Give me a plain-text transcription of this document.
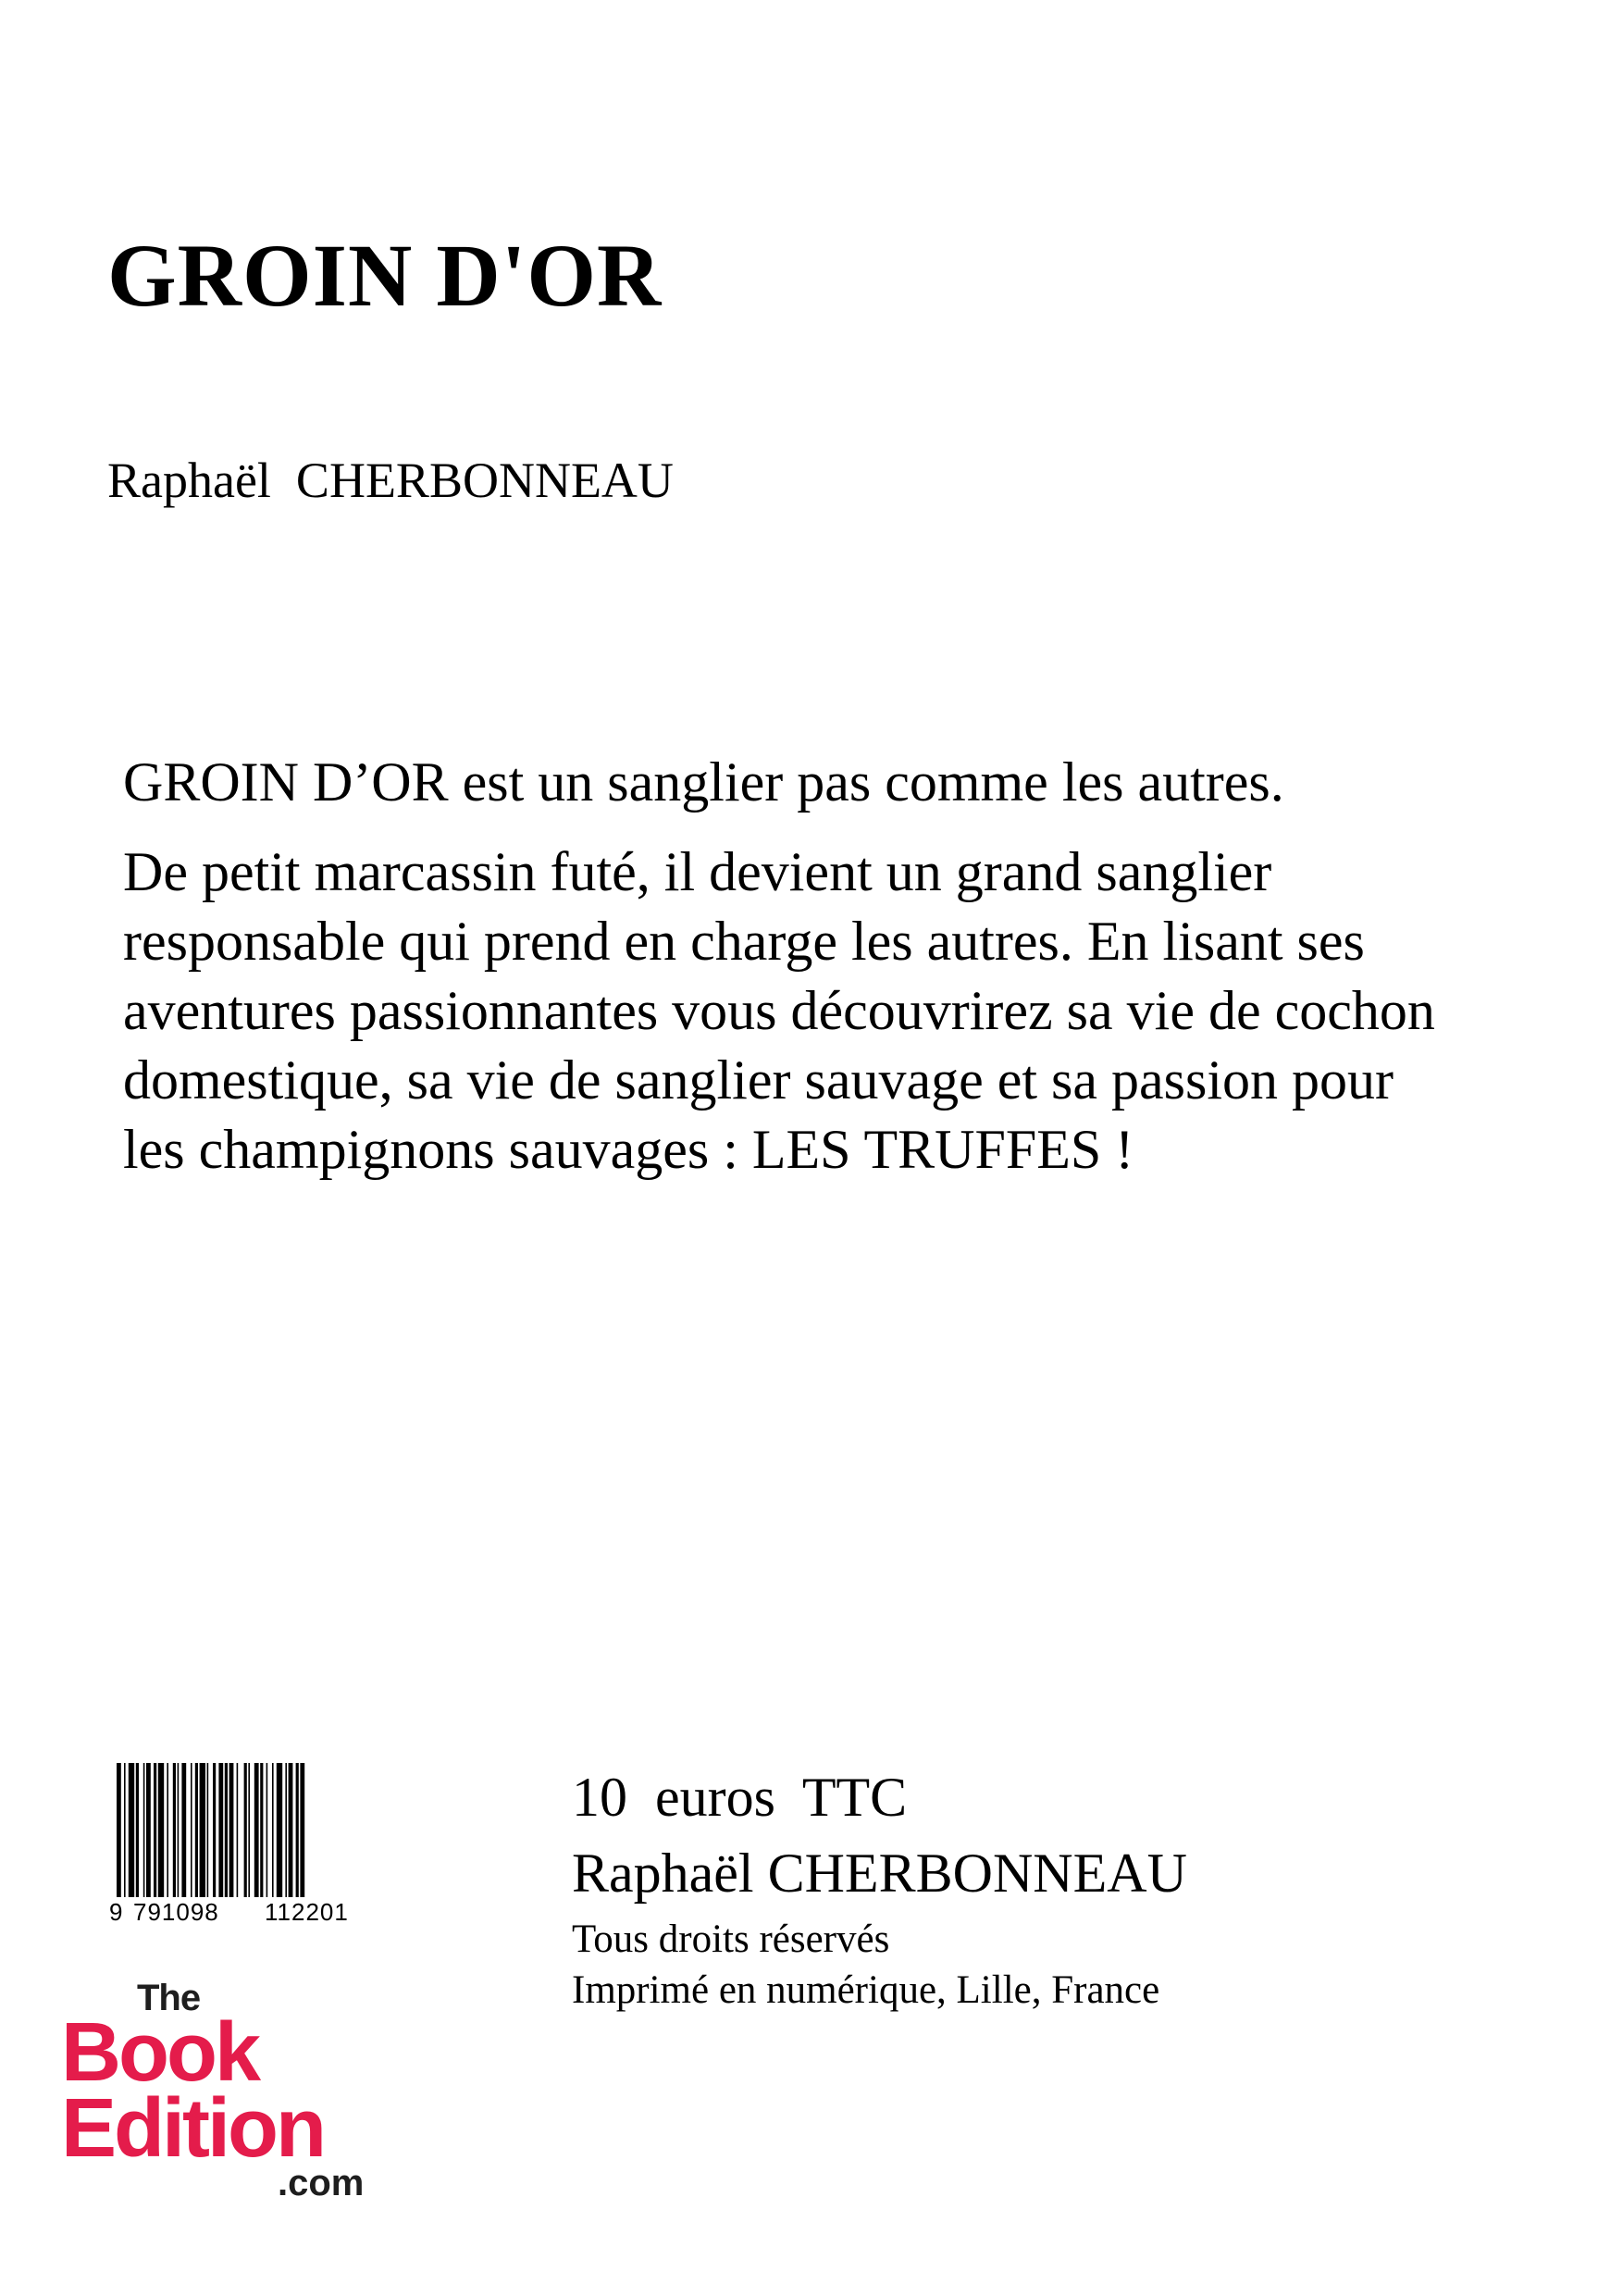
GROIN D'OR
Raphaël  CHERBONNEAU

GROIN D’OR est un sanglier pas comme les autres.

De petit marcassin futé, il devient un grand sanglier responsable qui prend en charge les autres. En lisant ses aventures passionnantes vous découvrirez sa vie de cochon domestique, sa vie de sanglier sauvage et sa passion pour les champignons sauvages : LES TRUFFES !

9 791098 112201
10  euros  TTC
Raphaël CHERBONNEAU
Tous droits réservés
Imprimé en numérique, Lille, France
The
Book
Edition
.com
